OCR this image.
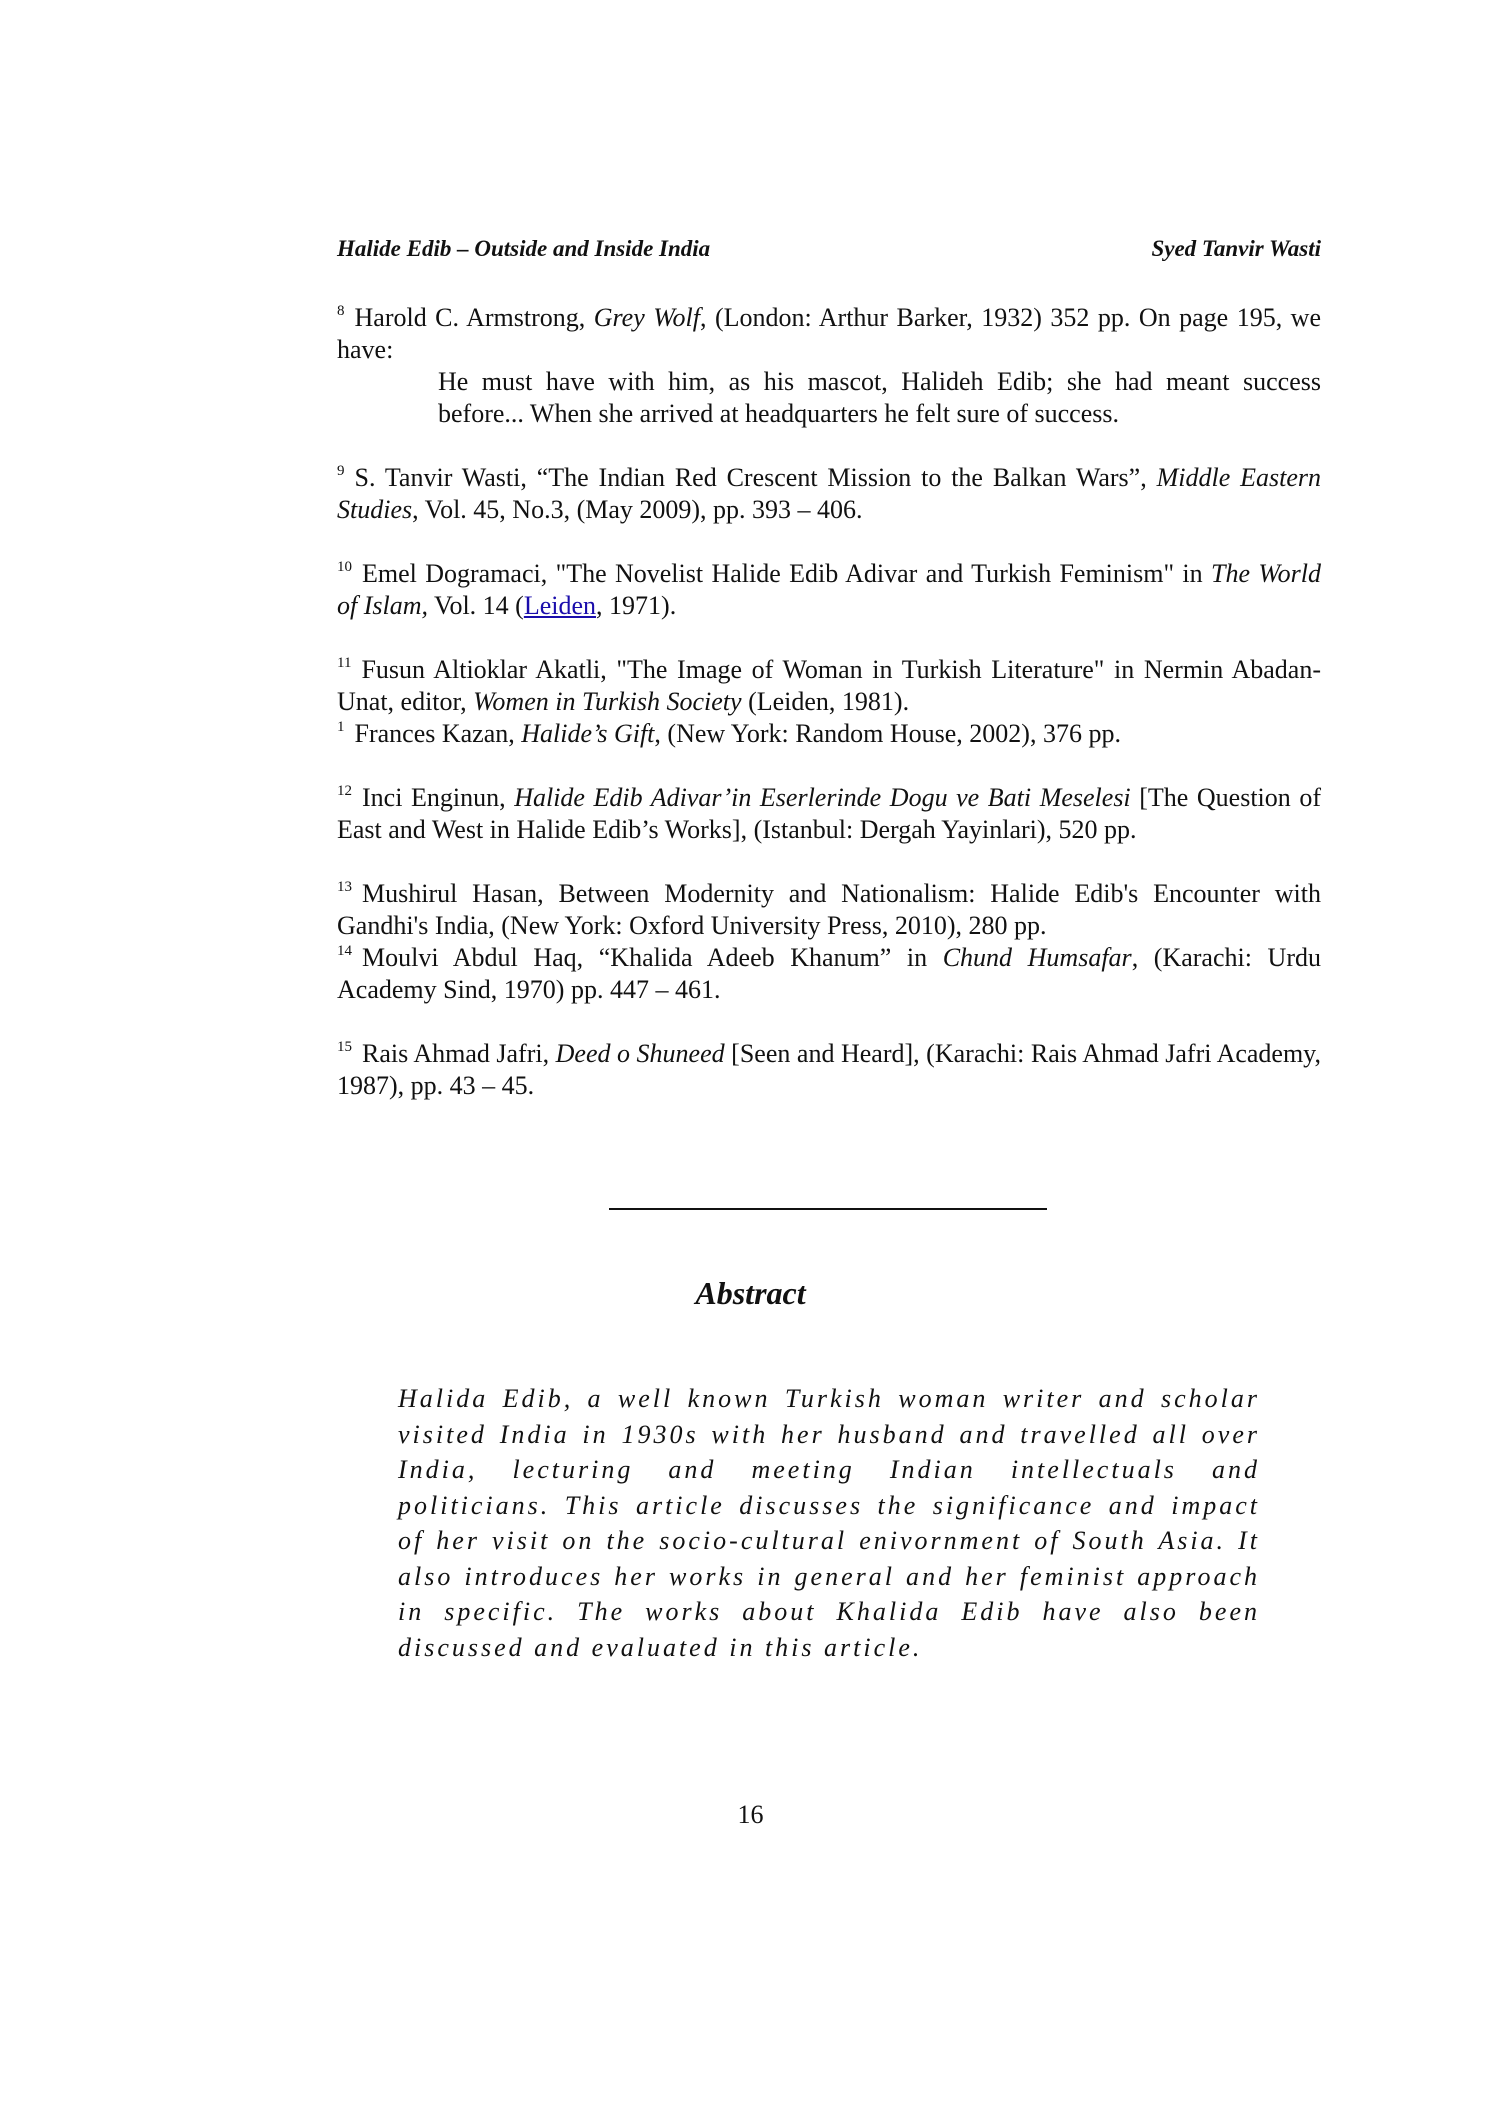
Halide Edib – Outside and Inside India	Syed Tanvir Wasti

$^8$ Harold C. Armstrong, Grey Wolf, (London: Arthur Barker, 1932) 352 pp. On page 195, we have:

He must have with him, as his mascot, Halideh Edib; she had meant success before... When she arrived at headquarters he felt sure of success.

$^9$ S. Tanvir Wasti, “The Indian Red Crescent Mission to the Balkan Wars”, Middle Eastern Studies, Vol. 45, No.3, (May 2009), pp. 393 – 406.

$^{10}$ Emel Dogramaci, "The Novelist Halide Edib Adivar and Turkish Feminism" in The World of Islam, Vol. 14 (Leiden, 1971).

$^{11}$ Fusun Altioklar Akatli, "The Image of Woman in Turkish Literature" in Nermin Abadan-Unat, editor, Women in Turkish Society (Leiden, 1981).

$^1$ Frances Kazan, Halide’s Gift, (New York: Random House, 2002), 376 pp.

$^{12}$ Inci Enginun, Halide Edib Adivar’in Eserlerinde Dogu ve Bati Meselesi [The Question of East and West in Halide Edib’s Works], (Istanbul: Dergah Yayinlari), 520 pp.

$^{13}$ Mushirul Hasan, Between Modernity and Nationalism: Halide Edib's Encounter with Gandhi's India, (New York: Oxford University Press, 2010), 280 pp.

$^{14}$ Moulvi Abdul Haq, “Khalida Adeeb Khanum” in Chund Humsafar, (Karachi: Urdu Academy Sind, 1970) pp. 447 – 461.

$^{15}$ Rais Ahmad Jafri, Deed o Shuneed [Seen and Heard], (Karachi: Rais Ahmad Jafri Academy, 1987), pp. 43 – 45.

Abstract
Halida Edib, a well known Turkish woman writer and scholar visited India in 1930s with her husband and travelled all over India, lecturing and meeting Indian intellectuals and politicians. This article discusses the significance and impact of her visit on the socio-cultural enivornment of South Asia. It also introduces her works in general and her feminist approach in specific. The works about Khalida Edib have also been discussed and evaluated in this article.
16
